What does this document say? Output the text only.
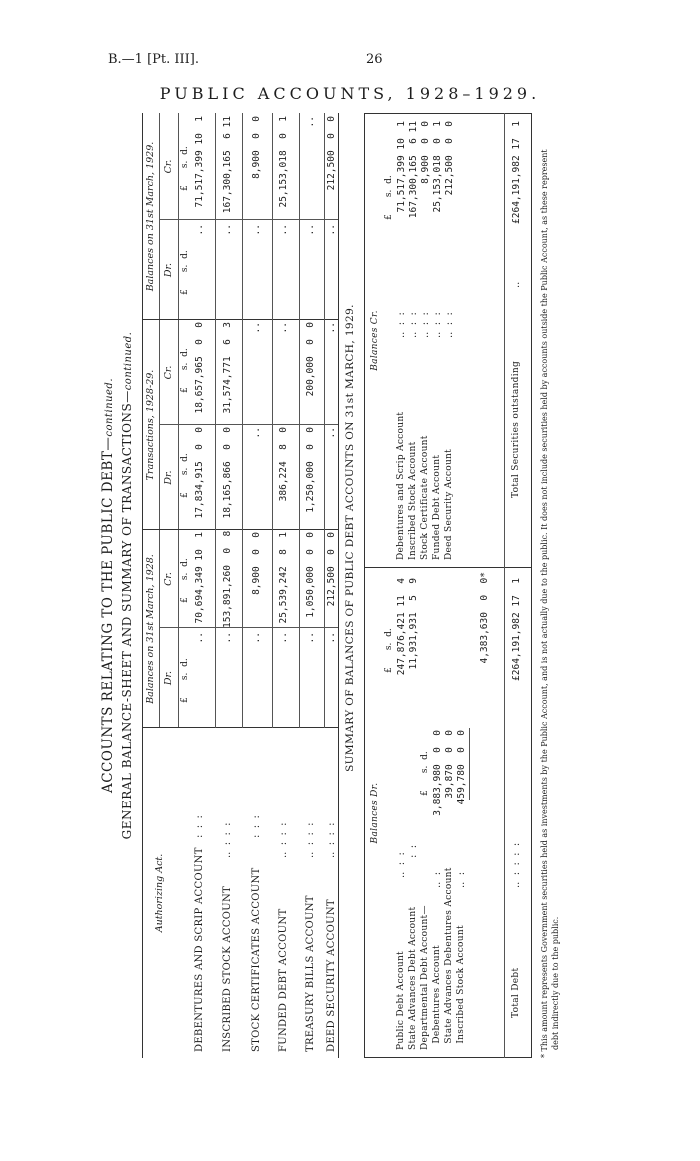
B.—1 [Pt. III].	26
PUBLIC ACCOUNTS, 1928–1929.
ACCOUNTS RELATING TO THE PUBLIC DEBT—continued. GENERAL BALANCE-SHEET AND SUMMARY OF TRANSACTIONS—continued.
Authorizing Act.
Balances on 31st March, 1928.
Transactions, 1928-29.
Balances on 31st March, 1929.
Dr.
Cr.
Dr.
Cr.
Dr.
Cr.
£      s.  d.
£      s.  d.
£      s.  d.
£      s.  d.
£      s.  d.
£      s.  d.
DEBENTURES AND SCRIP ACCOUNT
:  :  :
..
70,694,349 10  1
17,834,915  0  0
18,657,965  0  0
..
71,517,399 10  1
INSCRIBED STOCK ACCOUNT
..  :  :  :
..
153,891,260  0  8
18,165,866  0  0
31,574,771  6  3
..
167,300,165  6 11
STOCK CERTIFICATES ACCOUNT
:  :  :
..
8,900  0  0
..
..
..
8,900  0  0
FUNDED DEBT ACCOUNT
..  :  :  :
..
25,539,242  8  1
386,224  8  0
..
..
25,153,018  0  1
TREASURY BILLS ACCOUNT
..  :  :  :
..
1,050,000  0  0
1,250,000  0  0
200,000  0  0
..
..
DEED SECURITY ACCOUNT
..  :  :  :
..
212,500  0  0
..
..
..
212,500  0  0
SUMMARY OF BALANCES OF PUBLIC DEBT ACCOUNTS ON 31st MARCH, 1929.
Balances Dr.
Balances Cr.
£      s.  d.
£      s.  d.
Public Debt Account
..  :  :
247,876,421 11  4
State Advances Debt Account
:  :
11,931,931  5  9
Departmental Debt Account—
£      s.  d.
Debentures Account
..  :
3,883,980  0  0
State Advances Debentures Account
39,870  0  0
Inscribed Stock Account
..  :
459,780  0  0
4,383,630  0  0*
Total Debt
..  :  :  :  :
£264,191,982 17  1
Debentures and Scrip Account
..  :  :
71,517,399 10  1
Inscribed Stock Account
..  :  :
167,300,165  6 11
Stock Certificate Account
..  :  :
8,900  0  0
Funded Debt Account
..  :  :
25,153,018  0  1
Deed Security Account
..  :  :
212,500  0  0
Total Securities outstanding
..
£264,191,982 17  1 * This amount represents Government securities held as investments by the Public Account, and is not actually due to the public. It does not include securities held by accounts outside the Public Account, as these represent debt indirectly due to the public.
